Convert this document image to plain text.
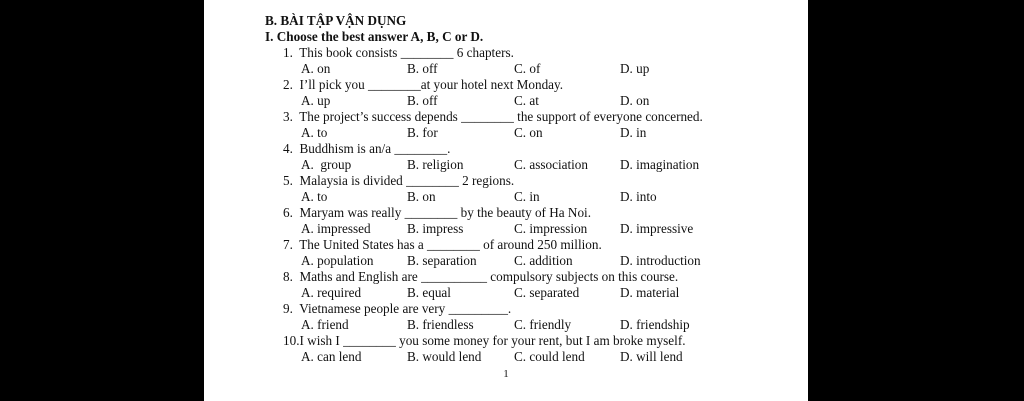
B. BÀI TẬP VẬN DỤNG
I. Choose the best answer A, B, C or D.
1.  This book consists ________ 6 chapters.
A. on	B. off	C. of	D. up
2.  I’ll pick you ________at your hotel next Monday.
A. up	B. off	C. at	D. on
3.  The project’s success depends ________ the support of everyone concerned.
A. to	B. for	C. on	D. in
4.  Buddhism is an/a ________.
A.  group	B. religion	C. association D. imagination
5.  Malaysia is divided ________ 2 regions.
A. to	B. on	C. in	D. into
6.  Maryam was really ________ by the beauty of Ha Noi.
A. impressed	B. impress	C. impression D. impressive
7.  The United States has a ________ of around 250 million.
A. population	B. separation	C. addition	D. introduction
8.  Maths and English are __________ compulsory subjects on this course.
A. required	B. equal	C. separated	D. material
9.  Vietnamese people are very _________.
A. friend	B. friendless	C. friendly	D. friendship
10.I wish I ________ you some money for your rent, but I am broke myself.
A. can lend	B. would lend C. could lend	D. will lend
1
